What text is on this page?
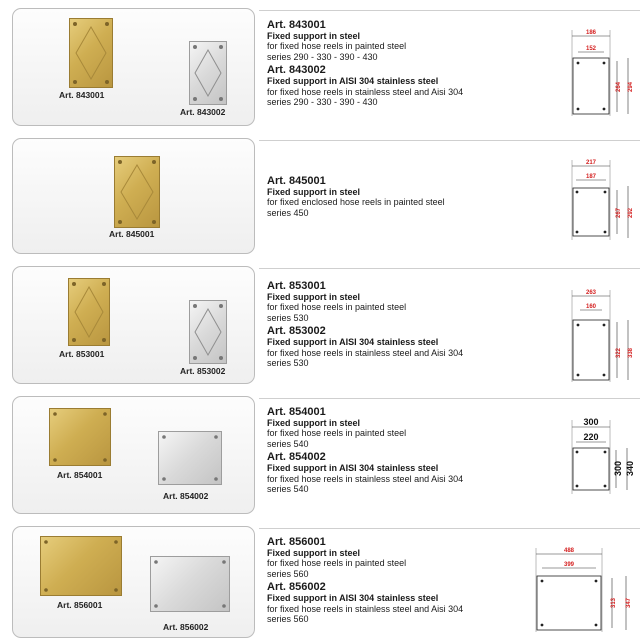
Art. 843001
Art. 843002
Art. 843001
Fixed support in steel
for fixed hose reels in painted steel
series 290 - 330 - 390 - 430
Art. 843002
Fixed support in AISI 304 stainless steel
for fixed hose reels in stainless steel and Aisi 304
series 290 - 330 - 390 - 430
186
152
264 294
Art. 845001
Art. 845001
Fixed support in steel
for fixed enclosed hose reels in painted steel
series 450
217
187
267 292
Art. 853001
Art. 853002
Art. 853001
Fixed support in steel
for fixed hose reels in painted steel
series 530
Art. 853002
Fixed support in AISI 304 stainless steel
for fixed hose reels in stainless steel and Aisi 304
series 530
263
160
322 338
Art. 854001
Art. 854002
Art. 854001
Fixed support in steel
for fixed hose reels in painted steel
series 540
Art. 854002
Fixed support in AISI 304 stainless steel
for fixed hose reels in stainless steel and Aisi 304
series 540
300
220
300 340
Art. 856001
Art. 856002
Art. 856001
Fixed support in steel
for fixed hose reels in painted steel
series 560
Art. 856002
Fixed support in AISI 304 stainless steel
for fixed hose reels in stainless steel and Aisi 304
series 560
488
399
313 347
